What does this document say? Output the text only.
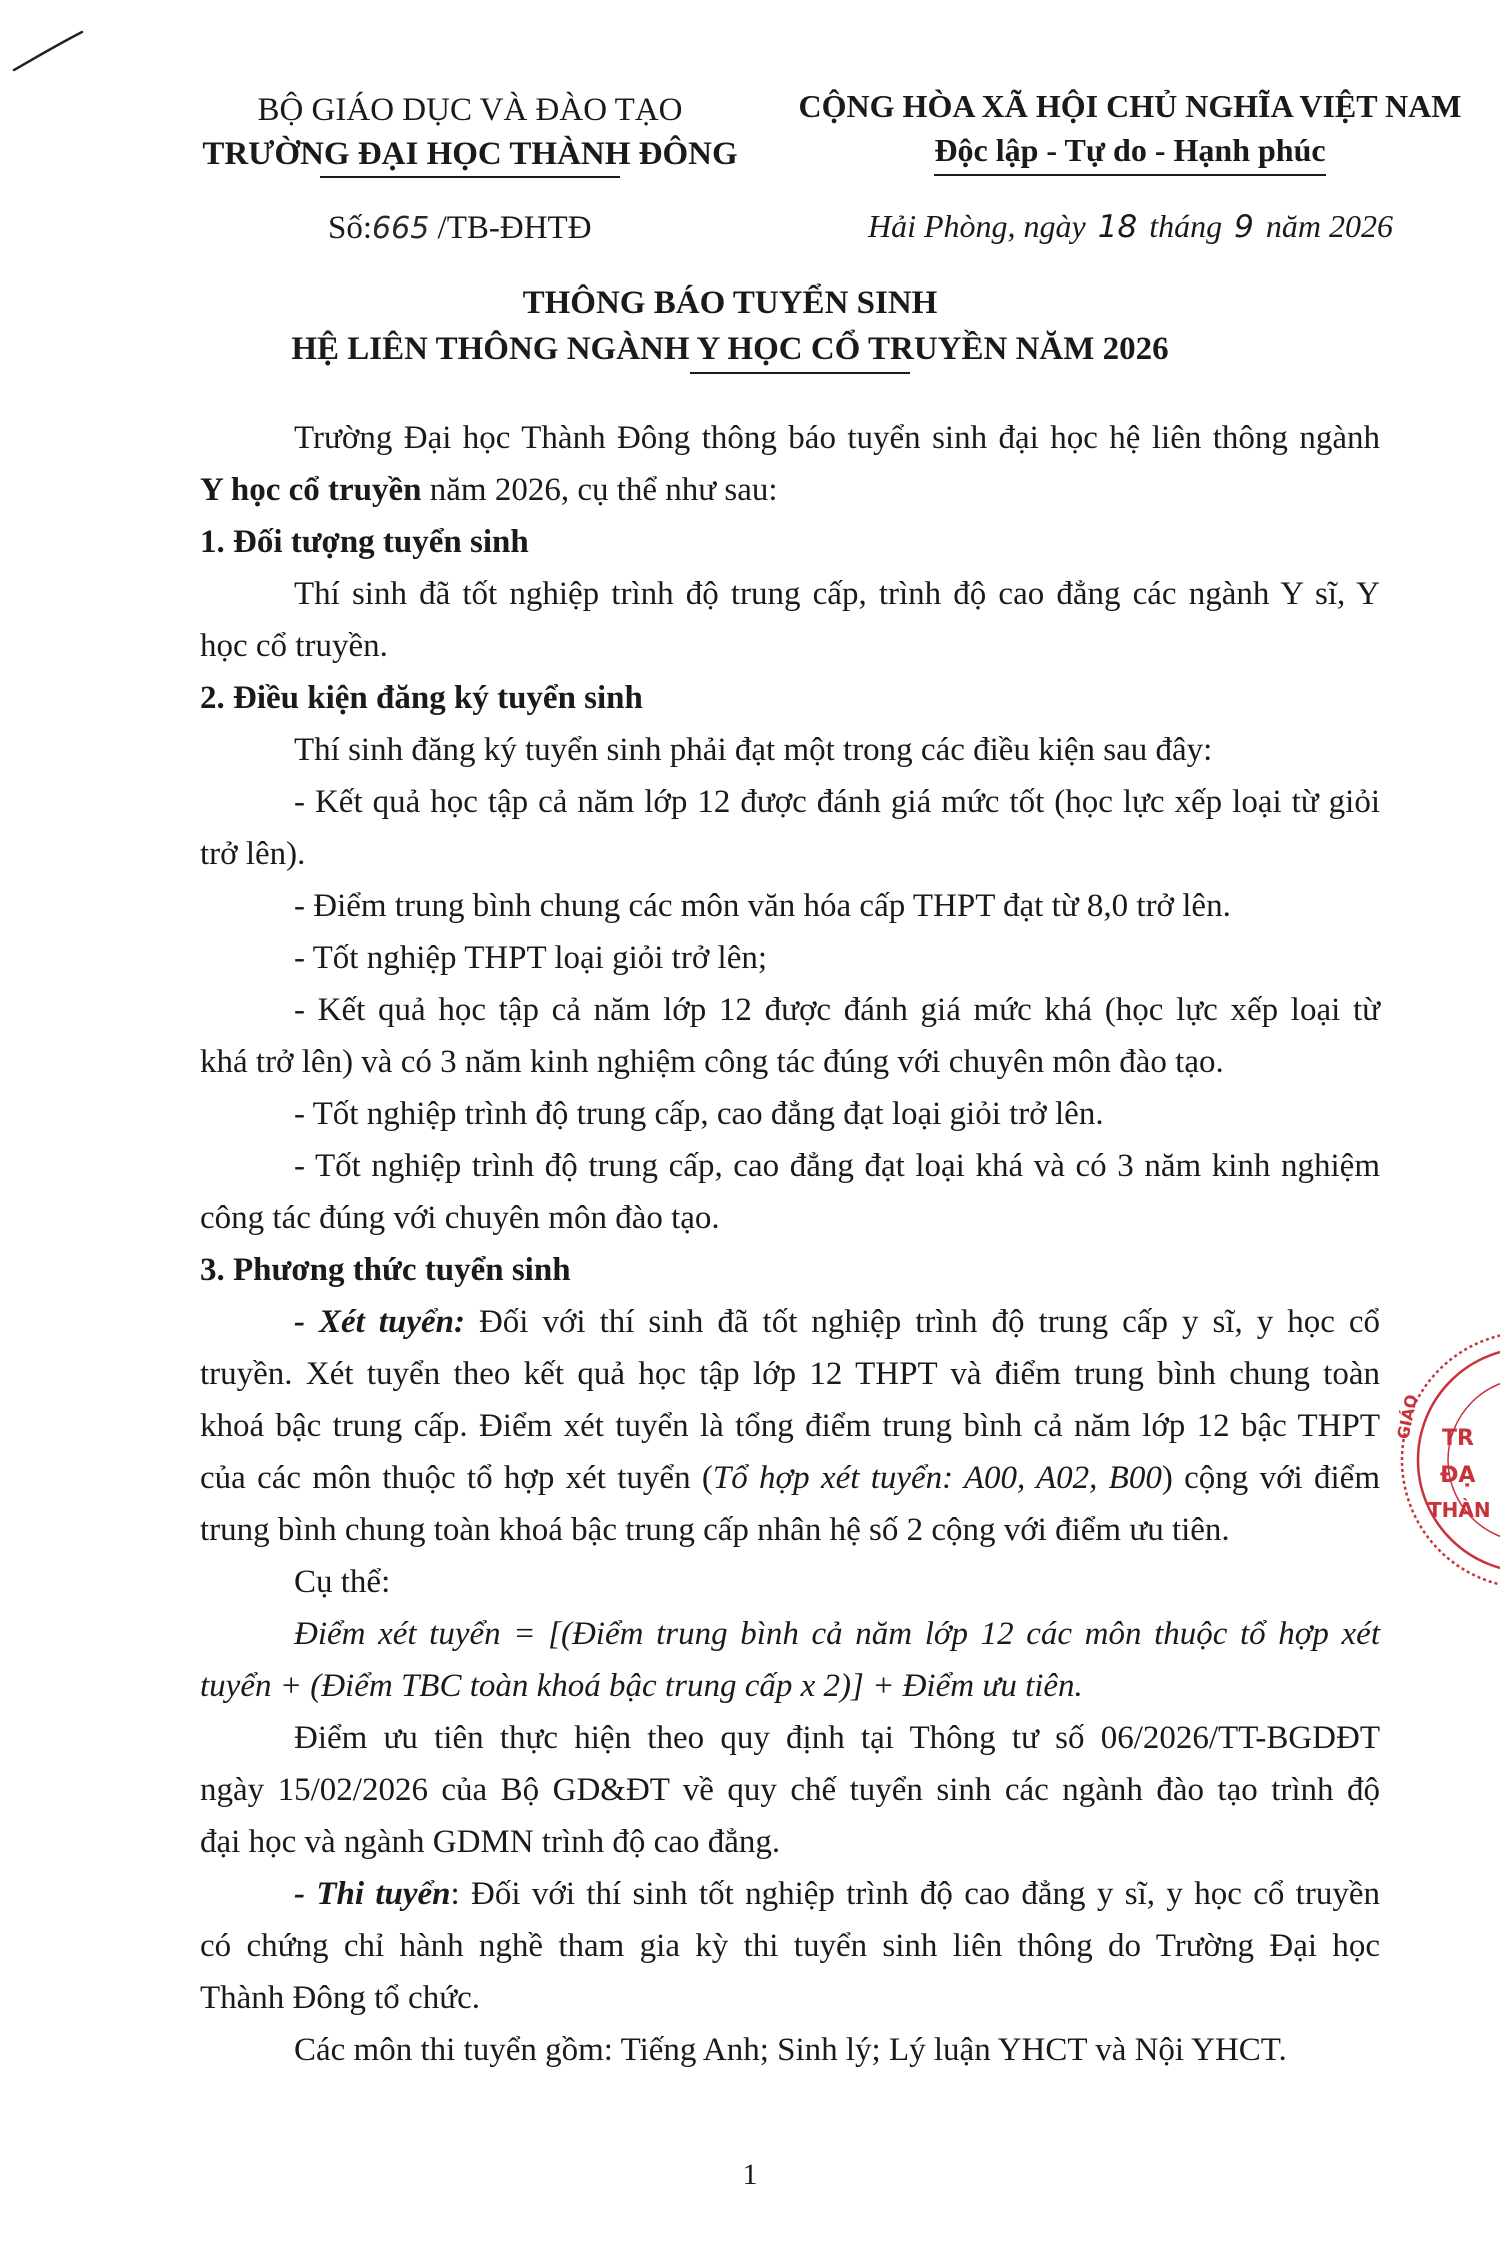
BỘ GIÁO DỤC VÀ ĐÀO TẠO
TRƯỜNG ĐẠI HỌC THÀNH ĐÔNG
CỘNG HÒA XÃ HỘI CHỦ NGHĨA VIỆT NAM
Độc lập - Tự do - Hạnh phúc
Số:665 /TB-ĐHTĐ	Hải Phòng, ngày 18 tháng 9 năm 2026
THÔNG BÁO TUYỂN SINH
HỆ LIÊN THÔNG NGÀNH Y HỌC CỔ TRUYỀN NĂM 2026

Trường Đại học Thành Đông thông báo tuyển sinh đại học hệ liên thông ngành

Y học cổ truyền năm 2026, cụ thể như sau:

1. Đối tượng tuyển sinh

Thí sinh đã tốt nghiệp trình độ trung cấp, trình độ cao đẳng các ngành Y sĩ, Y

học cổ truyền.

2. Điều kiện đăng ký tuyển sinh

Thí sinh đăng ký tuyển sinh phải đạt một trong các điều kiện sau đây:

- Kết quả học tập cả năm lớp 12 được đánh giá mức tốt (học lực xếp loại từ giỏi

trở lên).

- Điểm trung bình chung các môn văn hóa cấp THPT đạt từ 8,0 trở lên.

- Tốt nghiệp THPT loại giỏi trở lên;

- Kết quả học tập cả năm lớp 12 được đánh giá mức khá (học lực xếp loại từ

khá trở lên) và có 3 năm kinh nghiệm công tác đúng với chuyên môn đào tạo.

- Tốt nghiệp trình độ trung cấp, cao đẳng đạt loại giỏi trở lên.

- Tốt nghiệp trình độ trung cấp, cao đẳng đạt loại khá và có 3 năm kinh nghiệm

công tác đúng với chuyên môn đào tạo.

3. Phương thức tuyển sinh

- Xét tuyển: Đối với thí sinh đã tốt nghiệp trình độ trung cấp y sĩ, y học cổ

truyền. Xét tuyển theo kết quả học tập lớp 12 THPT và điểm trung bình chung toàn

khoá bậc trung cấp. Điểm xét tuyển là tổng điểm trung bình cả năm lớp 12 bậc THPT

của các môn thuộc tổ hợp xét tuyển (Tổ hợp xét tuyển: A00, A02, B00) cộng với điểm

trung bình chung toàn khoá bậc trung cấp nhân hệ số 2 cộng với điểm ưu tiên.

Cụ thể:

Điểm xét tuyển = [(Điểm trung bình cả năm lớp 12 các môn thuộc tổ hợp xét

tuyển + (Điểm TBC toàn khoá bậc trung cấp x 2)] + Điểm ưu tiên.

Điểm ưu tiên thực hiện theo quy định tại Thông tư số 06/2026/TT-BGDĐT

ngày 15/02/2026 của Bộ GD&ĐT về quy chế tuyển sinh các ngành đào tạo trình độ

đại học và ngành GDMN trình độ cao đẳng.

- Thi tuyển: Đối với thí sinh tốt nghiệp trình độ cao đẳng y sĩ, y học cổ truyền

có chứng chỉ hành nghề tham gia kỳ thi tuyển sinh liên thông do Trường Đại học

Thành Đông tổ chức.

Các môn thi tuyển gồm: Tiếng Anh; Sinh lý; Lý luận YHCT và Nội YHCT.

TR
ĐẠ
THÀN
GIÁO
1
